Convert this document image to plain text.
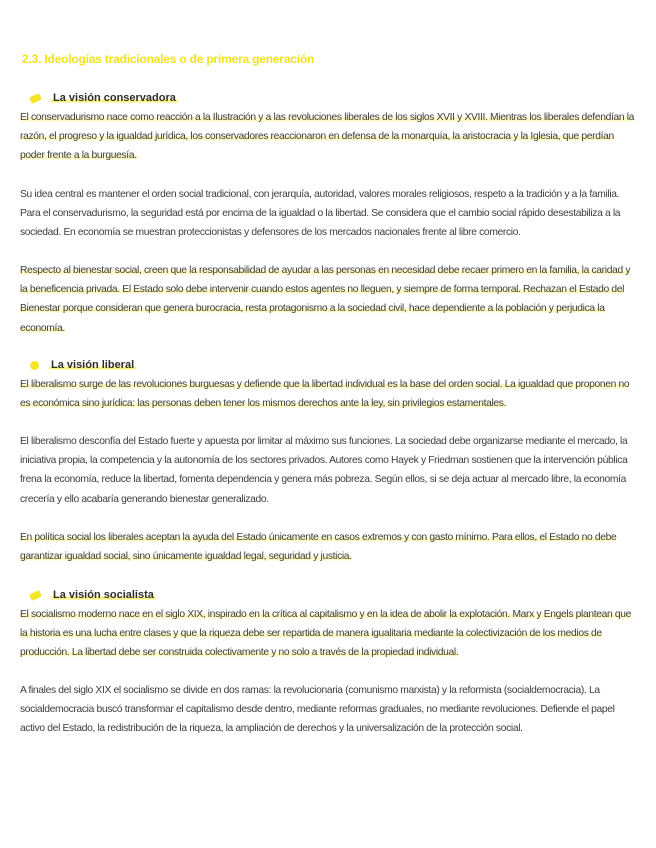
2.3. Ideologías tradicionales o de primera generación
La visión conservadora

El conservadurismo nace como reacción a la Ilustración y a las revoluciones liberales de los siglos XVII y XVIII. Mientras los liberales defendían la razón, el progreso y la igualdad jurídica, los conservadores reaccionaron en defensa de la monarquía, la aristocracia y la Iglesia, que perdían poder frente a la burguesía.

Su idea central es mantener el orden social tradicional, con jerarquía, autoridad, valores morales religiosos, respeto a la tradición y a la familia. Para el conservadurismo, la seguridad está por encima de la igualdad o la libertad. Se considera que el cambio social rápido desestabiliza a la sociedad. En economía se muestran proteccionistas y defensores de los mercados nacionales frente al libre comercio.

Respecto al bienestar social, creen que la responsabilidad de ayudar a las personas en necesidad debe recaer primero en la familia, la caridad y la beneficencia privada. El Estado solo debe intervenir cuando estos agentes no lleguen, y siempre de forma temporal. Rechazan el Estado del Bienestar porque consideran que genera burocracia, resta protagonismo a la sociedad civil, hace dependiente a la población y perjudica la economía.

La visión liberal

El liberalismo surge de las revoluciones burguesas y defiende que la libertad individual es la base del orden social. La igualdad que proponen no es económica sino jurídica: las personas deben tener los mismos derechos ante la ley, sin privilegios estamentales.

El liberalismo desconfía del Estado fuerte y apuesta por limitar al máximo sus funciones. La sociedad debe organizarse mediante el mercado, la iniciativa propia, la competencia y la autonomía de los sectores privados. Autores como Hayek y Friedman sostienen que la intervención pública frena la economía, reduce la libertad, fomenta dependencia y genera más pobreza. Según ellos, si se deja actuar al mercado libre, la economía crecería y ello acabaría generando bienestar generalizado.

En política social los liberales aceptan la ayuda del Estado únicamente en casos extremos y con gasto mínimo. Para ellos, el Estado no debe garantizar igualdad social, sino únicamente igualdad legal, seguridad y justicia.

La visión socialista

El socialismo moderno nace en el siglo XIX, inspirado en la crítica al capitalismo y en la idea de abolir la explotación. Marx y Engels plantean que la historia es una lucha entre clases y que la riqueza debe ser repartida de manera igualitaria mediante la colectivización de los medios de producción. La libertad debe ser construida colectivamente y no solo a través de la propiedad individual.

A finales del siglo XIX el socialismo se divide en dos ramas: la revolucionaria (comunismo marxista) y la reformista (socialdemocracia). La socialdemocracia buscó transformar el capitalismo desde dentro, mediante reformas graduales, no mediante revoluciones. Defiende el papel activo del Estado, la redistribución de la riqueza, la ampliación de derechos y la universalización de la protección social.
